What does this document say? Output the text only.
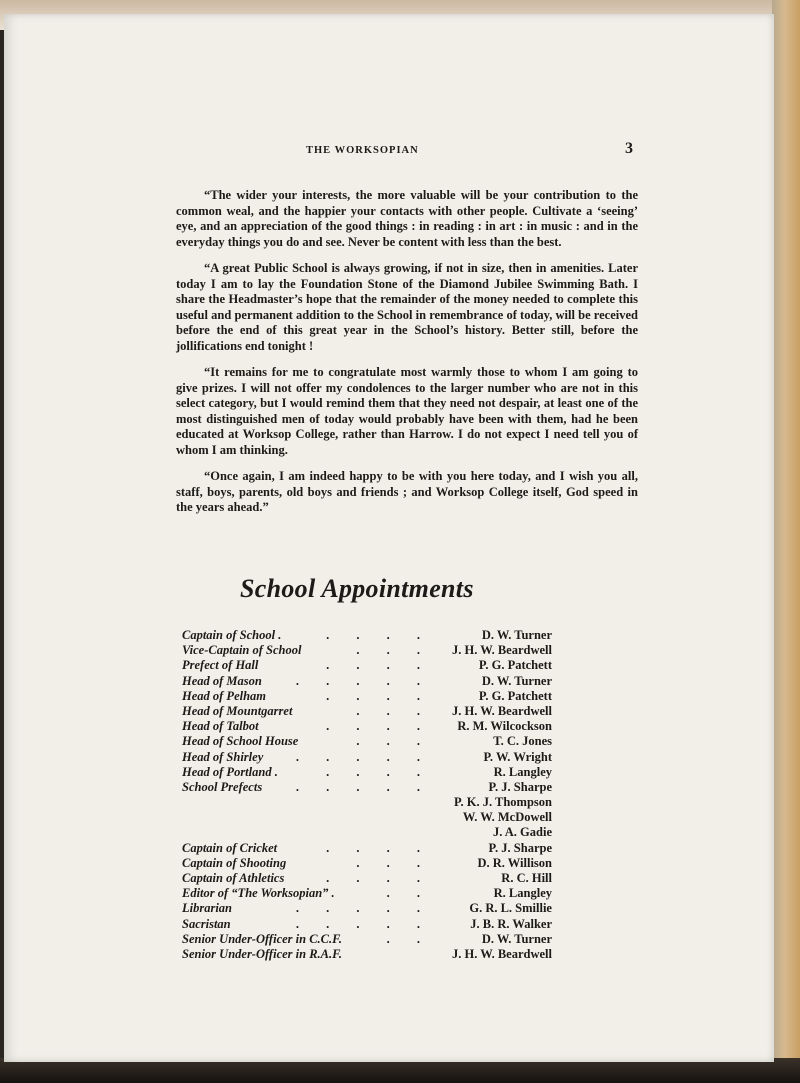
THE WORKSOPIAN	3

“The wider your interests, the more valuable will be your contribution to the common weal, and the happier your contacts with other people. Cultivate a ‘seeing’ eye, and an appreciation of the good things : in reading : in art : in music : and in the everyday things you do and see. Never be content with less than the best.

“A great Public School is always growing, if not in size, then in amenities. Later today I am to lay the Foundation Stone of the Diamond Jubilee Swimming Bath. I share the Headmaster’s hope that the remainder of the money needed to complete this useful and permanent addition to the School in remembrance of today, will be received before the end of this great year in the School’s history. Better still, before the jollifications end tonight !

“It remains for me to congratulate most warmly those to whom I am going to give prizes. I will not offer my condolences to the larger number who are not in this select category, but I would remind them that they need not despair, at least one of the most distinguished men of today would probably have been with them, had he been educated at Worksop College, rather than Harrow. I do not expect I need tell you of whom I am thinking.

“Once again, I am indeed happy to be with you here today, and I wish you all, staff, boys, parents, old boys and friends ; and Worksop College itself, God speed in the years ahead.”

School Appointments
Captain of School .	. . . .	D. W. Turner
Vice-Captain of School	. . .	J. H. W. Beardwell
Prefect of Hall	. . . .	P. G. Patchett
Head of Mason	. . . . .	D. W. Turner
Head of Pelham	. . . .	P. G. Patchett
Head of Mountgarret	. . .	J. H. W. Beardwell
Head of Talbot	. . . .	R. M. Wilcockson
Head of School House	. . .	T. C. Jones
Head of Shirley	. . . . .	P. W. Wright
Head of Portland .	. . . .	R. Langley
School Prefects	. . . . .	P. J. Sharpe
P. K. J. Thompson
W. W. McDowell
J. A. Gadie
Captain of Cricket	. . . .	P. J. Sharpe
Captain of Shooting	. . .	D. R. Willison
Captain of Athletics	. . . .	R. C. Hill
Editor of “The Worksopian” .	. .	R. Langley
Librarian	. . . . .	G. R. L. Smillie
Sacristan	. . . . .	J. B. R. Walker
Senior Under-Officer in C.C.F.	. .	D. W. Turner
Senior Under-Officer in R.A.F.	J. H. W. Beardwell
